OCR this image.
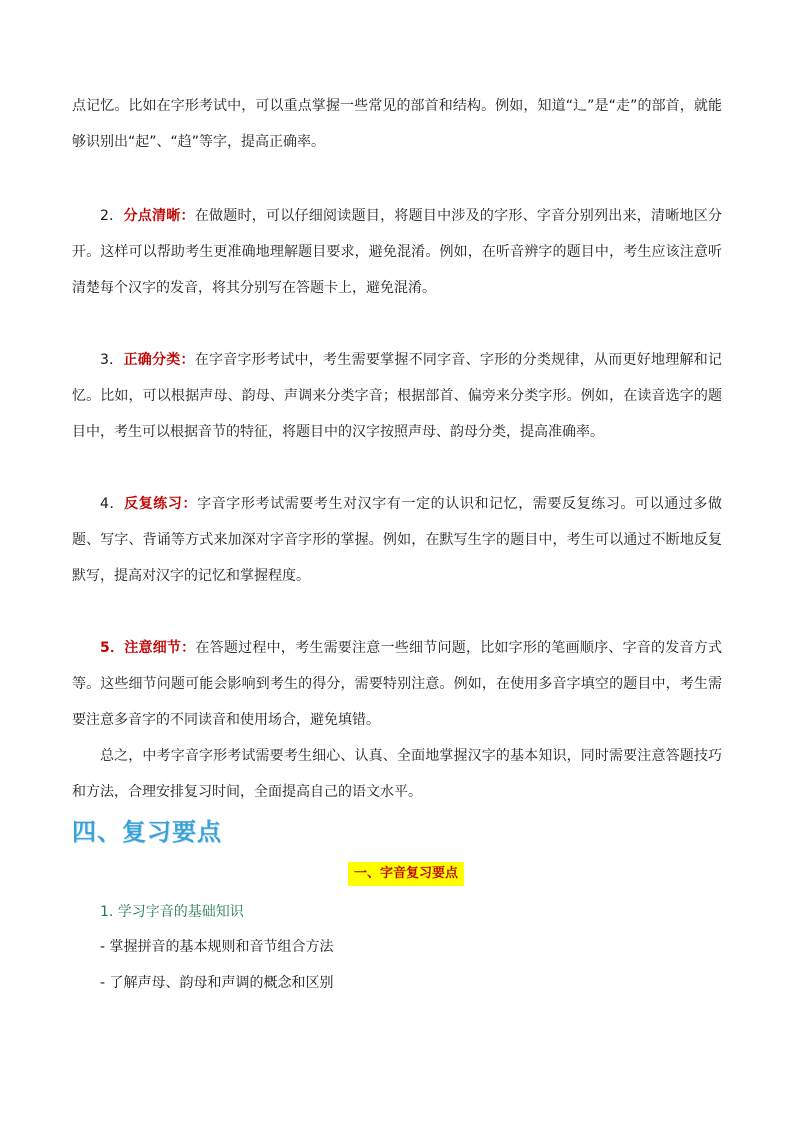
点记忆。比如在字形考试中，可以重点掌握一些常见的部首和结构。例如，知道“辶”是“走”的部首，就能够识别出“起”、“趋”等字，提高正确率。

2．分点清晰：在做题时，可以仔细阅读题目，将题目中涉及的字形、字音分别列出来，清晰地区分开。这样可以帮助考生更准确地理解题目要求，避免混淆。例如，在听音辨字的题目中，考生应该注意听清楚每个汉字的发音，将其分别写在答题卡上，避免混淆。

3．正确分类：在字音字形考试中，考生需要掌握不同字音、字形的分类规律，从而更好地理解和记忆。比如，可以根据声母、韵母、声调来分类字音；根据部首、偏旁来分类字形。例如，在读音选字的题目中，考生可以根据音节的特征，将题目中的汉字按照声母、韵母分类，提高准确率。

4．反复练习：字音字形考试需要考生对汉字有一定的认识和记忆，需要反复练习。可以通过多做题、写字、背诵等方式来加深对字音字形的掌握。例如，在默写生字的题目中，考生可以通过不断地反复默写，提高对汉字的记忆和掌握程度。

5．注意细节：在答题过程中，考生需要注意一些细节问题，比如字形的笔画顺序、字音的发音方式等。这些细节问题可能会影响到考生的得分，需要特别注意。例如，在使用多音字填空的题目中，考生需要注意多音字的不同读音和使用场合，避免填错。

总之，中考字音字形考试需要考生细心、认真、全面地掌握汉字的基本知识，同时需要注意答题技巧和方法，合理安排复习时间，全面提高自己的语文水平。

四、复习要点
一、字音复习要点
1. 学习字音的基础知识
- 掌握拼音的基本规则和音节组合方法
- 了解声母、韵母和声调的概念和区别
